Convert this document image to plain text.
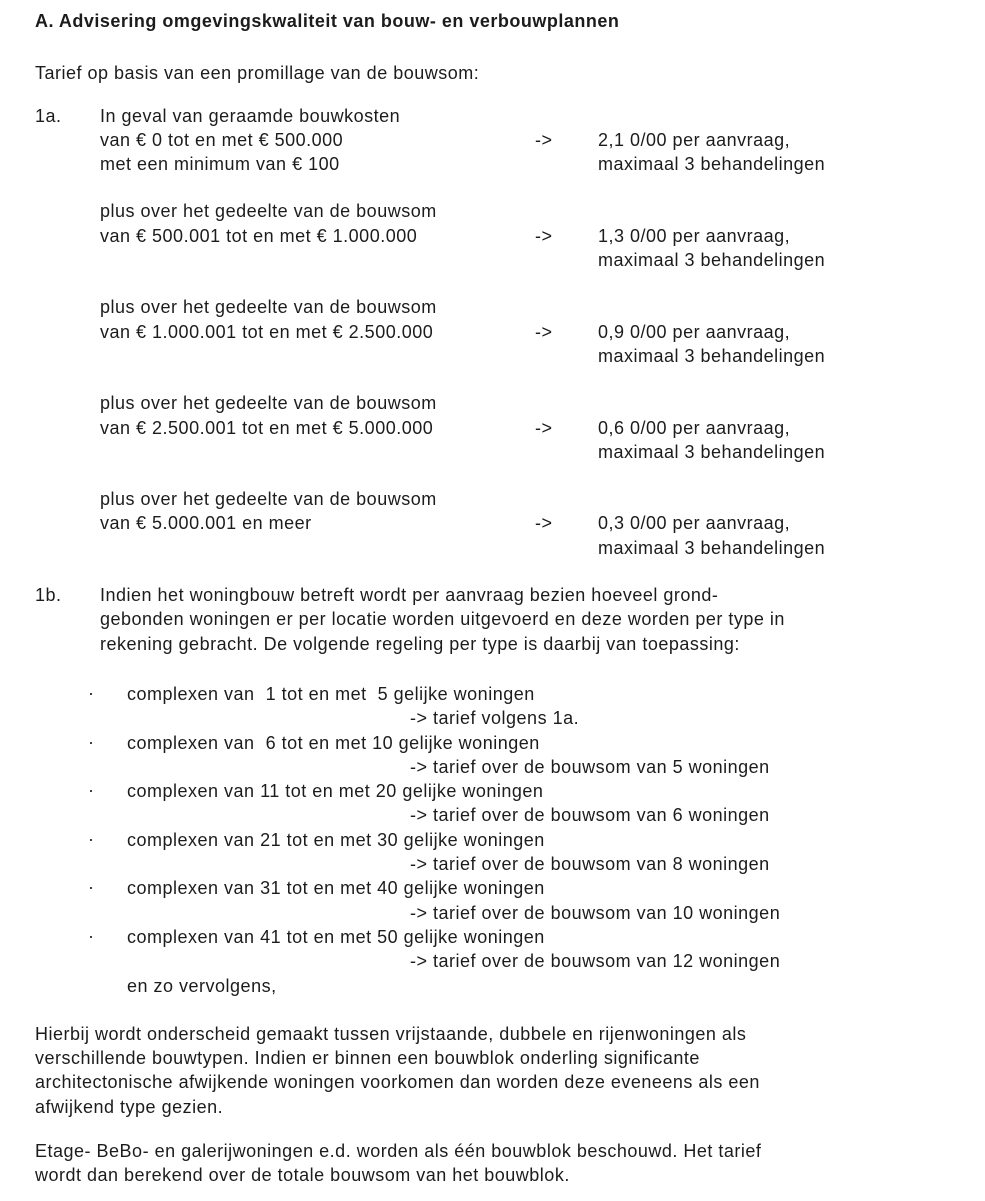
A. Advisering omgevingskwaliteit van bouw- en verbouwplannen
Tarief op basis van een promillage van de bouwsom:
1a.	In geval van geraamde bouwkosten
van € 0 tot en met € 500.000
met een minimum van € 100
->	2,1 0/00 per aanvraag,
maximaal 3 behandelingen
plus over het gedeelte van de bouwsom
van € 500.001 tot en met € 1.000.000	->	1,3 0/00 per aanvraag,
maximaal 3 behandelingen
plus over het gedeelte van de bouwsom
van € 1.000.001 tot en met € 2.500.000	->	0,9 0/00 per aanvraag,
maximaal 3 behandelingen
plus over het gedeelte van de bouwsom
van € 2.500.001 tot en met € 5.000.000	->	0,6 0/00 per aanvraag,
maximaal 3 behandelingen
plus over het gedeelte van de bouwsom
van € 5.000.001 en meer	->	0,3 0/00 per aanvraag,
maximaal 3 behandelingen
1b.	Indien het woningbouw betreft wordt per aanvraag bezien hoeveel grond-
gebonden woningen er per locatie worden uitgevoerd en deze worden per type in
rekening gebracht. De volgende regeling per type is daarbij van toepassing:
· complexen van  1 tot en met  5 gelijke woningen
-> tarief volgens 1a.
· complexen van  6 tot en met 10 gelijke woningen
-> tarief over de bouwsom van 5 woningen
· complexen van 11 tot en met 20 gelijke woningen
-> tarief over de bouwsom van 6 woningen
· complexen van 21 tot en met 30 gelijke woningen
-> tarief over de bouwsom van 8 woningen
· complexen van 31 tot en met 40 gelijke woningen
-> tarief over de bouwsom van 10 woningen
· complexen van 41 tot en met 50 gelijke woningen
-> tarief over de bouwsom van 12 woningen
en zo vervolgens,
Hierbij wordt onderscheid gemaakt tussen vrijstaande, dubbele en rijenwoningen als
verschillende bouwtypen. Indien er binnen een bouwblok onderling significante
architectonische afwijkende woningen voorkomen dan worden deze eveneens als een
afwijkend type gezien.
Etage- BeBo- en galerijwoningen e.d. worden als één bouwblok beschouwd. Het tarief
wordt dan berekend over de totale bouwsom van het bouwblok.
